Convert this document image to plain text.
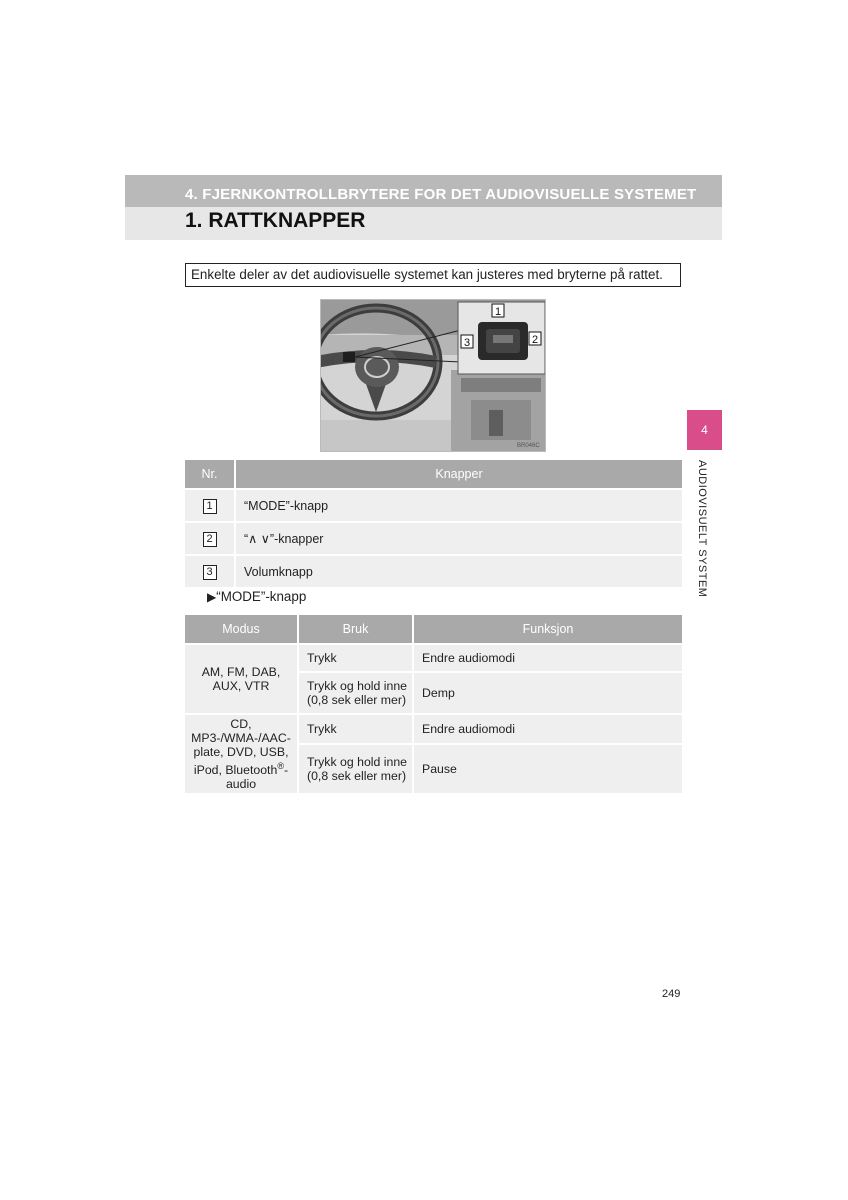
4. FJERNKONTROLLBRYTERE FOR DET AUDIOVISUELLE SYSTEMET
1. RATTKNAPPER
Enkelte deler av det audiovisuelle systemet kan justeres med bryterne på rattet.
1
2
3
BR046C
Nr.	Knapper
1	“MODE”-knapp
2	“∧ ∨”-knapper
3	Volumknapp
▶“MODE”-knapp
Modus	Bruk	Funksjon
AM, FM, DAB, AUX, VTR	Trykk	Endre audiomodi
	Trykk og hold inne (0,8 sek eller mer)	Demp
CD, MP3-/WMA-/AAC-plate, DVD, USB, iPod, Bluetooth®-audio	Trykk	Endre audiomodi
	Trykk og hold inne (0,8 sek eller mer)	Pause
4
AUDIOVISUELT SYSTEM
249
